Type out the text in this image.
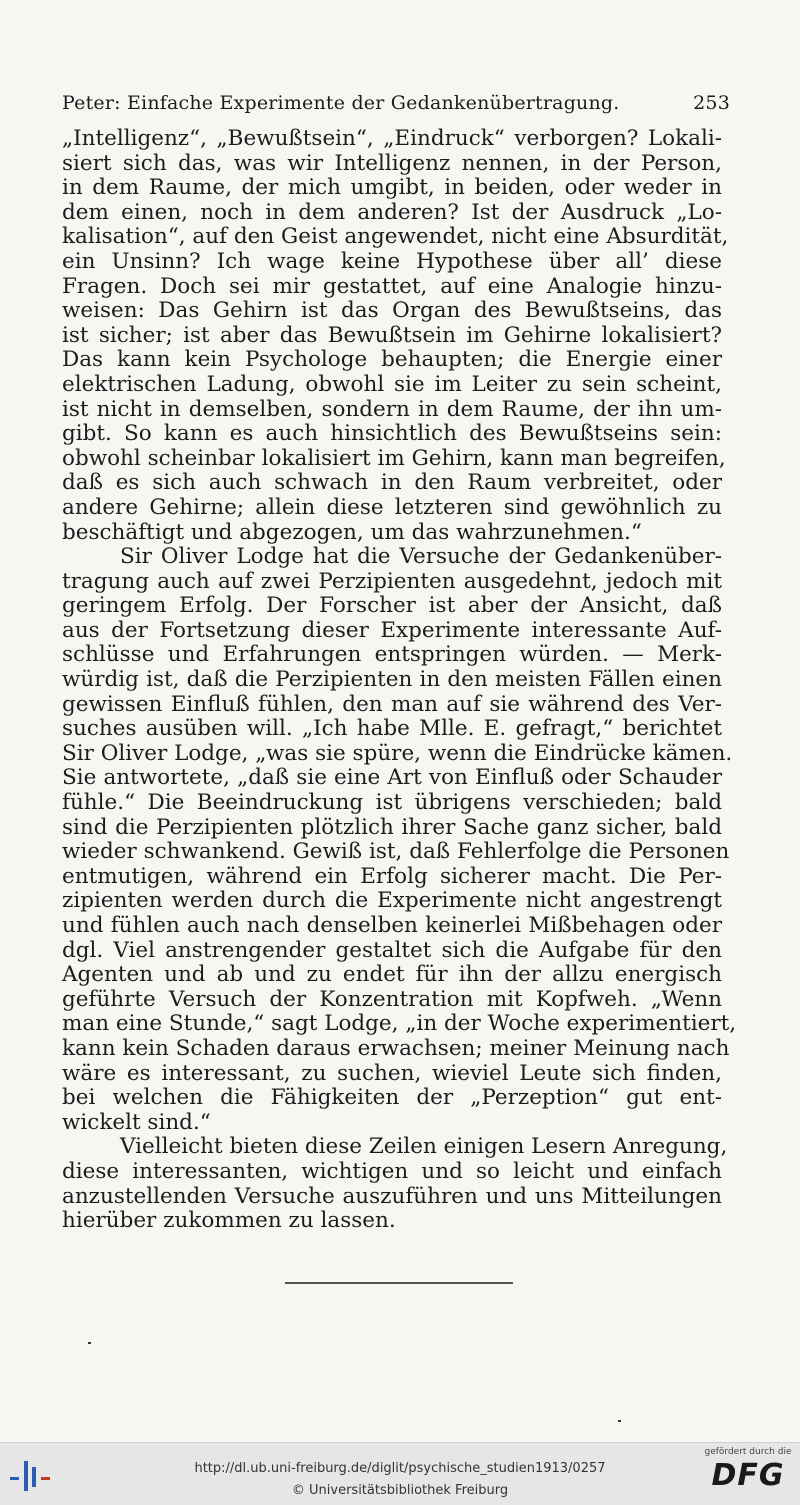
Peter: Einfache Experimente der Gedankenübertragung.	253
„Intelligenz“, „Bewußtsein“, „Eindruck“ verborgen? Lokali-
siert sich das, was wir Intelligenz nennen, in der Person,
in dem Raume, der mich umgibt, in beiden, oder weder in
dem einen, noch in dem anderen? Ist der Ausdruck „Lo-
kalisation“, auf den Geist angewendet, nicht eine Absurdität,
ein Unsinn? Ich wage keine Hypothese über all’ diese
Fragen. Doch sei mir gestattet, auf eine Analogie hinzu-
weisen: Das Gehirn ist das Organ des Bewußtseins, das
ist sicher; ist aber das Bewußtsein im Gehirne lokalisiert?
Das kann kein Psychologe behaupten; die Energie einer
elektrischen Ladung, obwohl sie im Leiter zu sein scheint,
ist nicht in demselben, sondern in dem Raume, der ihn um-
gibt. So kann es auch hinsichtlich des Bewußtseins sein:
obwohl scheinbar lokalisiert im Gehirn, kann man begreifen,
daß es sich auch schwach in den Raum verbreitet, oder
andere Gehirne; allein diese letzteren sind gewöhnlich zu
beschäftigt und abgezogen, um das wahrzunehmen.“
Sir Oliver Lodge hat die Versuche der Gedankenüber-
tragung auch auf zwei Perzipienten ausgedehnt, jedoch mit
geringem Erfolg. Der Forscher ist aber der Ansicht, daß
aus der Fortsetzung dieser Experimente interessante Auf-
schlüsse und Erfahrungen entspringen würden. — Merk-
würdig ist, daß die Perzipienten in den meisten Fällen einen
gewissen Einfluß fühlen, den man auf sie während des Ver-
suches ausüben will. „Ich habe Mlle. E. gefragt,“ berichtet
Sir Oliver Lodge, „was sie spüre, wenn die Eindrücke kämen.
Sie antwortete, „daß sie eine Art von Einfluß oder Schauder
fühle.“ Die Beeindruckung ist übrigens verschieden; bald
sind die Perzipienten plötzlich ihrer Sache ganz sicher, bald
wieder schwankend. Gewiß ist, daß Fehlerfolge die Personen
entmutigen, während ein Erfolg sicherer macht. Die Per-
zipienten werden durch die Experimente nicht angestrengt
und fühlen auch nach denselben keinerlei Mißbehagen oder
dgl. Viel anstrengender gestaltet sich die Aufgabe für den
Agenten und ab und zu endet für ihn der allzu energisch
geführte Versuch der Konzentration mit Kopfweh. „Wenn
man eine Stunde,“ sagt Lodge, „in der Woche experimentiert,
kann kein Schaden daraus erwachsen; meiner Meinung nach
wäre es interessant, zu suchen, wieviel Leute sich finden,
bei welchen die Fähigkeiten der „Perzeption“ gut ent-
wickelt sind.“
Vielleicht bieten diese Zeilen einigen Lesern Anregung,
diese interessanten, wichtigen und so leicht und einfach
anzustellenden Versuche auszuführen und uns Mitteilungen
hierüber zukommen zu lassen.
http://dl.ub.uni-freiburg.de/diglit/psychische_studien1913/0257
© Universitätsbibliothek Freiburg
gefördert durch die
DFG
